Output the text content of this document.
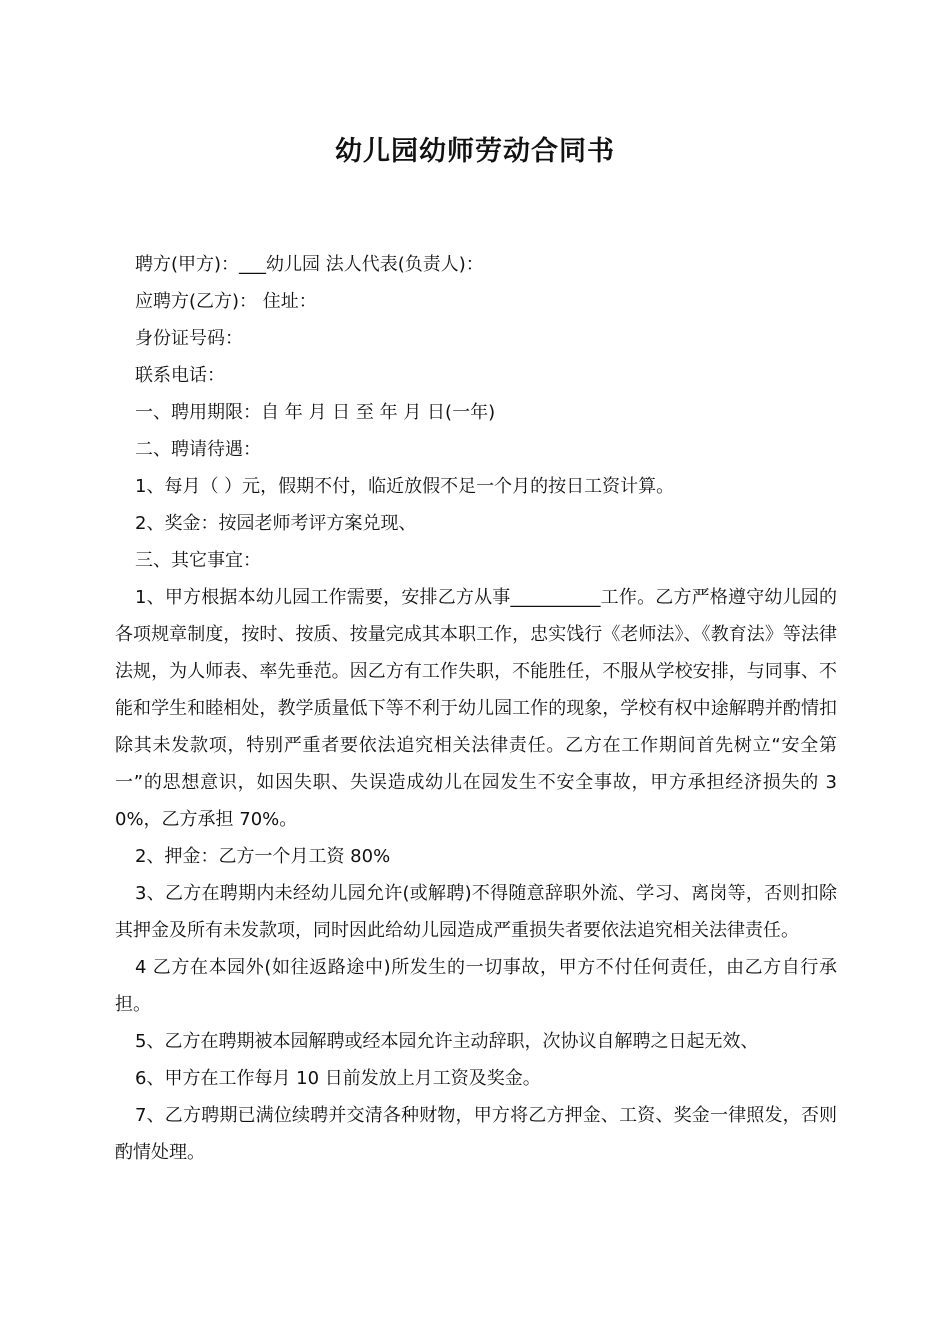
幼儿园幼师劳动合同书

聘方(甲方)：___幼儿园 法人代表(负责人)：

应聘方(乙方)： 住址：

身份证号码：

联系电话：

一、聘用期限：自 年 月 日 至 年 月 日(一年)

二、聘请待遇：

1、每月（ ）元，假期不付，临近放假不足一个月的按日工资计算。

2、奖金：按园老师考评方案兑现、

三、其它事宜：

1、甲方根据本幼儿园工作需要，安排乙方从事__________工作。乙方严格遵守幼儿园的各项规章制度，按时、按质、按量完成其本职工作，忠实饯行《老师法》、《教育法》等法律法规，为人师表、率先垂范。因乙方有工作失职，不能胜任，不服从学校安排，与同事、不能和学生和睦相处，教学质量低下等不利于幼儿园工作的现象，学校有权中途解聘并酌情扣除其未发款项，特别严重者要依法追究相关法律责任。乙方在工作期间首先树立“安全第一”的思想意识，如因失职、失误造成幼儿在园发生不安全事故，甲方承担经济损失的 30%，乙方承担 70%。

2、押金：乙方一个月工资 80%

3、乙方在聘期内未经幼儿园允许(或解聘)不得随意辞职外流、学习、离岗等，否则扣除其押金及所有未发款项，同时因此给幼儿园造成严重损失者要依法追究相关法律责任。

4 乙方在本园外(如往返路途中)所发生的一切事故，甲方不付任何责任，由乙方自行承担。

5、乙方在聘期被本园解聘或经本园允许主动辞职，次协议自解聘之日起无效、

6、甲方在工作每月 10 日前发放上月工资及奖金。

7、乙方聘期已满位续聘并交清各种财物，甲方将乙方押金、工资、奖金一律照发，否则酌情处理。
